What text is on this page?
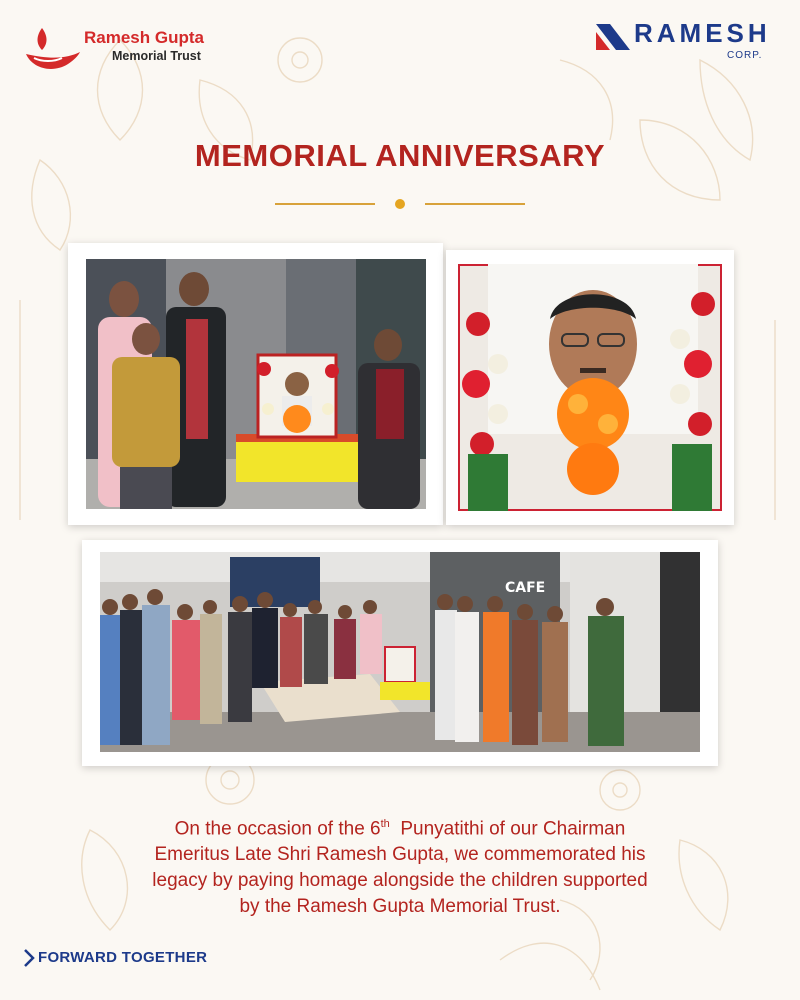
Ramesh Gupta
Memorial Trust
RAMESH
CORP.
MEMORIAL ANNIVERSARY
CAFE
On the occasion of the 6th  Punyatithi of our Chairman
Emeritus Late Shri Ramesh Gupta, we commemorated his
legacy by paying homage alongside the children supported
by the Ramesh Gupta Memorial Trust.
FORWARD TOGETHER
